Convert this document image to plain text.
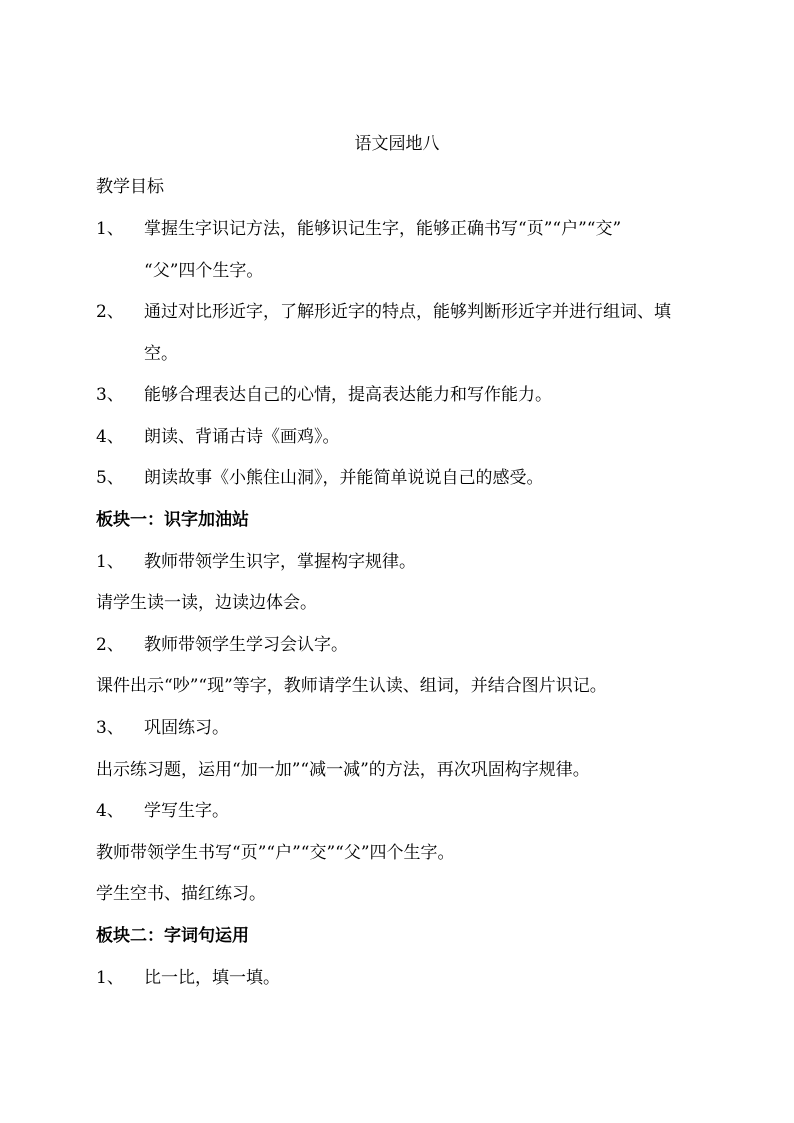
语文园地八
教学目标
1、 掌握生字识记方法，能够识记生字，能够正确书写“页”“户”“交”
“父”四个生字。
2、 通过对比形近字，了解形近字的特点，能够判断形近字并进行组词、填
空。
3、 能够合理表达自己的心情，提高表达能力和写作能力。
4、 朗读、背诵古诗《画鸡》。
5、 朗读故事《小熊住山洞》，并能简单说说自己的感受。
板块一：识字加油站
1、 教师带领学生识字，掌握构字规律。
请学生读一读，边读边体会。
2、 教师带领学生学习会认字。
课件出示“吵”“现”等字，教师请学生认读、组词，并结合图片识记。
3、 巩固练习。
出示练习题，运用“加一加”“减一减”的方法，再次巩固构字规律。
4、 学写生字。
教师带领学生书写“页”“户”“交”“父”四个生字。
学生空书、描红练习。
板块二：字词句运用
1、 比一比，填一填。
